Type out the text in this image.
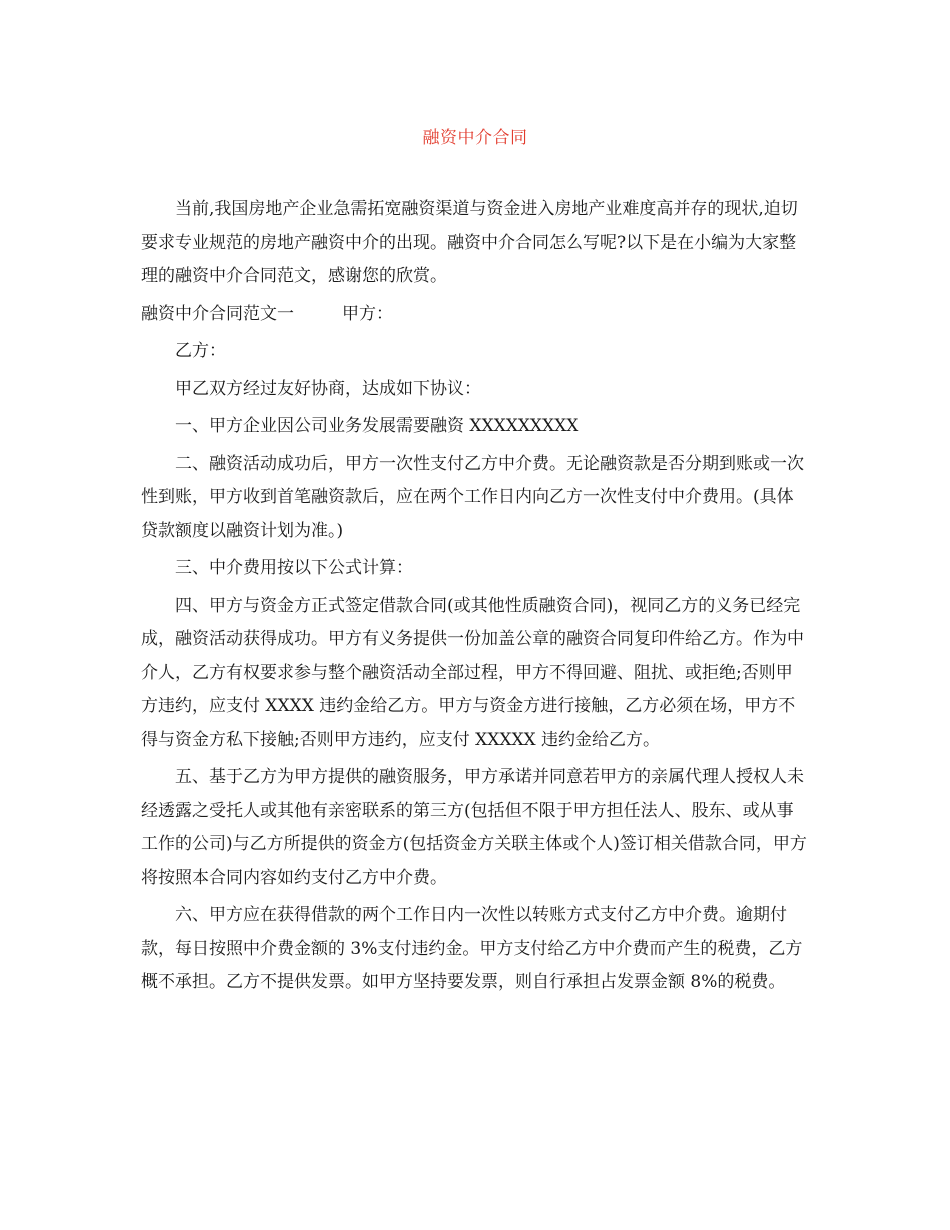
融资中介合同

当前,我国房地产企业急需拓宽融资渠道与资金进入房地产业难度高并存的现状,迫切要求专业规范的房地产融资中介的出现。融资中介合同怎么写呢?以下是在小编为大家整理的融资中介合同范文，感谢您的欣赏。

融资中介合同范文一	甲方：

乙方：

甲乙双方经过友好协商，达成如下协议：

一、甲方企业因公司业务发展需要融资 XXXXXXXXX

二、融资活动成功后，甲方一次性支付乙方中介费。无论融资款是否分期到账或一次性到账，甲方收到首笔融资款后，应在两个工作日内向乙方一次性支付中介费用。(具体贷款额度以融资计划为准。)

三、中介费用按以下公式计算：

四、甲方与资金方正式签定借款合同(或其他性质融资合同)，视同乙方的义务已经完成，融资活动获得成功。甲方有义务提供一份加盖公章的融资合同复印件给乙方。作为中介人，乙方有权要求参与整个融资活动全部过程，甲方不得回避、阻扰、或拒绝;否则甲方违约，应支付 XXXX 违约金给乙方。甲方与资金方进行接触，乙方必须在场，甲方不得与资金方私下接触;否则甲方违约，应支付 XXXXX 违约金给乙方。

五、基于乙方为甲方提供的融资服务，甲方承诺并同意若甲方的亲属代理人授权人未经透露之受托人或其他有亲密联系的第三方(包括但不限于甲方担任法人、股东、或从事工作的公司)与乙方所提供的资金方(包括资金方关联主体或个人)签订相关借款合同，甲方将按照本合同内容如约支付乙方中介费。

六、甲方应在获得借款的两个工作日内一次性以转账方式支付乙方中介费。逾期付款，每日按照中介费金额的 3%支付违约金。甲方支付给乙方中介费而产生的税费，乙方概不承担。乙方不提供发票。如甲方坚持要发票，则自行承担占发票金额 8%的税费。
